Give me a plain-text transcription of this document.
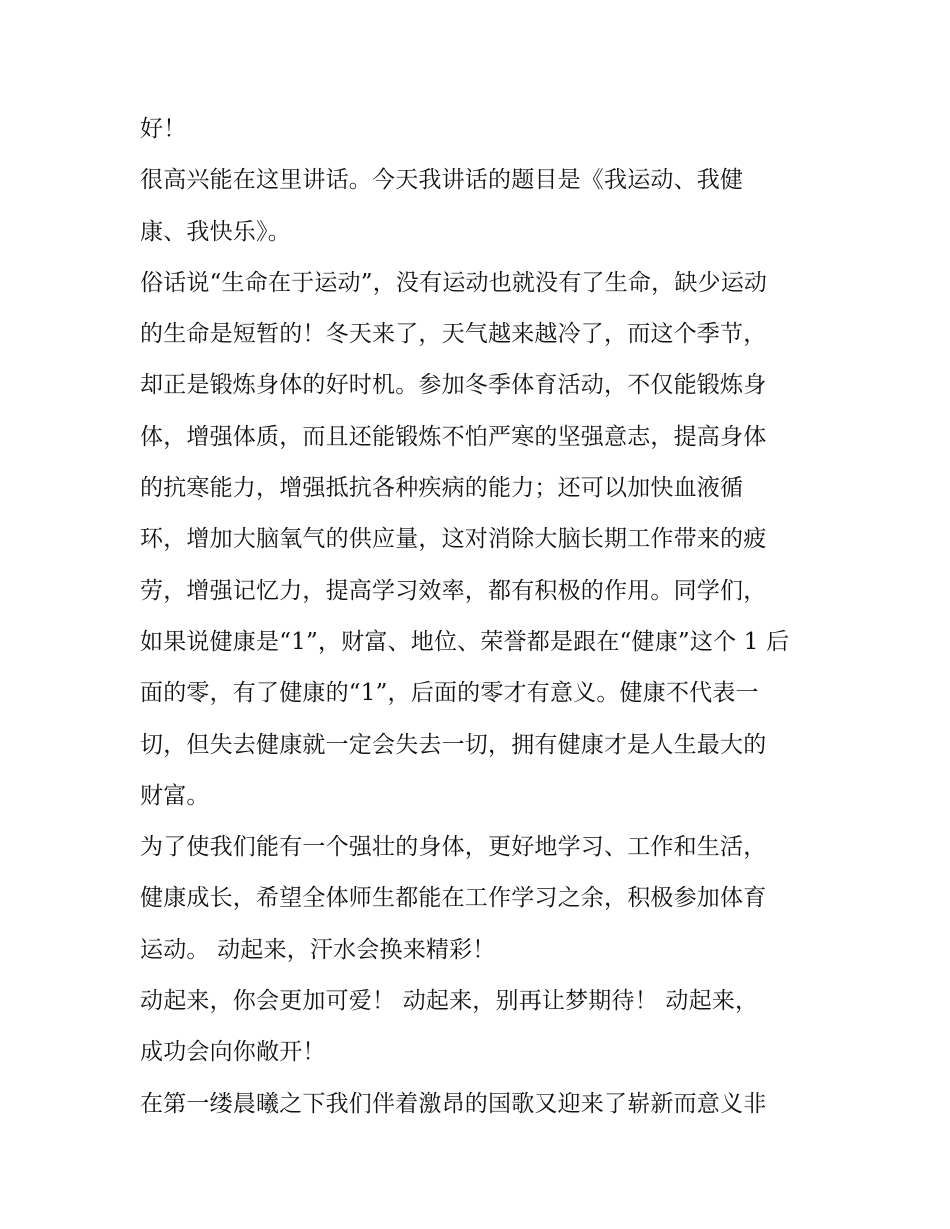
好！
很高兴能在这里讲话。今天我讲话的题目是《我运动、我健
康、我快乐》。
俗话说“生命在于运动”，没有运动也就没有了生命，缺少运动
的生命是短暂的！冬天来了，天气越来越冷了，而这个季节，
却正是锻炼身体的好时机。参加冬季体育活动，不仅能锻炼身
体，增强体质，而且还能锻炼不怕严寒的坚强意志，提高身体
的抗寒能力，增强抵抗各种疾病的能力；还可以加快血液循
环，增加大脑氧气的供应量，这对消除大脑长期工作带来的疲
劳，增强记忆力，提高学习效率，都有积极的作用。同学们，
如果说健康是“1”，财富、地位、荣誉都是跟在“健康”这个 1 后
面的零，有了健康的“1”，后面的零才有意义。健康不代表一
切，但失去健康就一定会失去一切，拥有健康才是人生最大的
财富。
为了使我们能有一个强壮的身体，更好地学习、工作和生活，
健康成长，希望全体师生都能在工作学习之余，积极参加体育
运动。 动起来，汗水会换来精彩！
动起来，你会更加可爱！ 动起来，别再让梦期待！ 动起来，
成功会向你敞开！
在第一缕晨曦之下我们伴着激昂的国歌又迎来了崭新而意义非
